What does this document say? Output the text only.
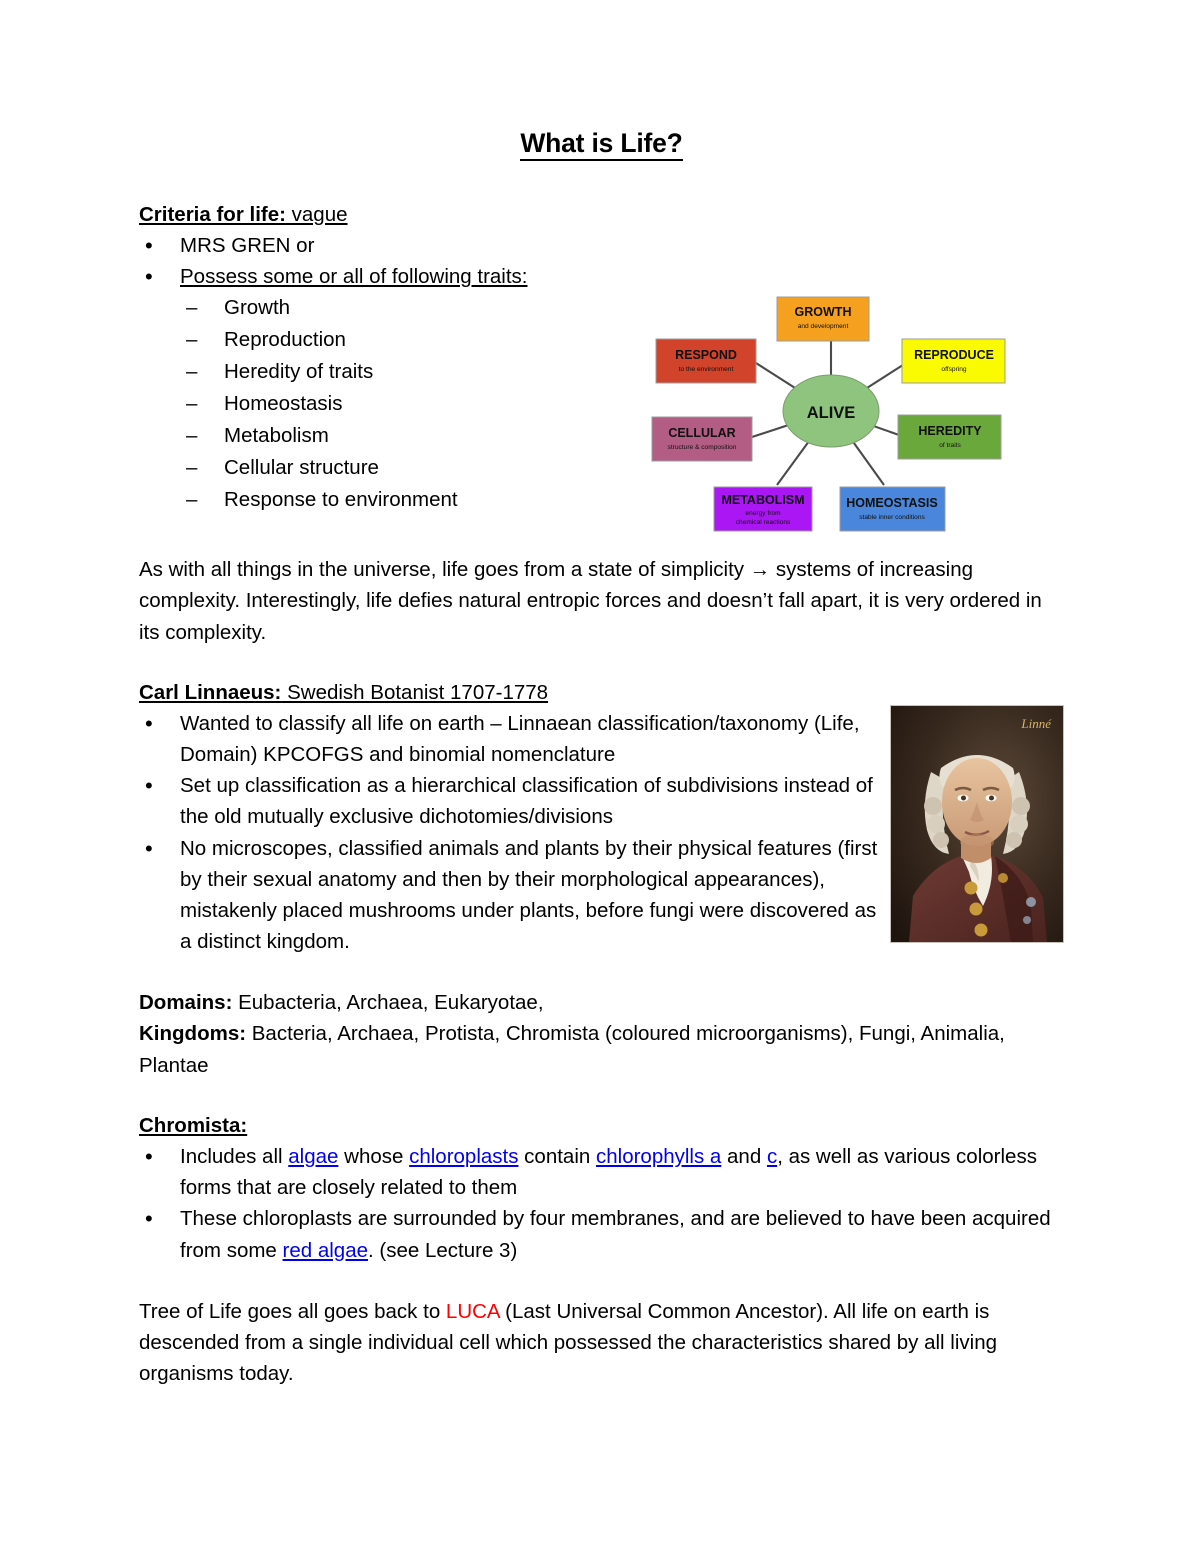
What is Life?
Criteria for life: vague
• MRS GREN or
• Possess some or all of following traits:
– Growth
– Reproduction
– Heredity of traits
– Homeostasis
– Metabolism
– Cellular structure
– Response to environment

As with all things in the universe, life goes from a state of simplicity → systems of increasing complexity. Interestingly, life defies natural entropic forces and doesn’t fall apart, it is very ordered in its complexity.

Carl Linnaeus: Swedish Botanist 1707-1778
• Wanted to classify all life on earth – Linnaean classification/taxonomy (Life, Domain) KPCOFGS and binomial nomenclature
• Set up classification as a hierarchical classification of subdivisions instead of the old mutually exclusive dichotomies/divisions
• No microscopes, classified animals and plants by their physical features (first by their sexual anatomy and then by their morphological appearances), mistakenly placed mushrooms under plants, before fungi were discovered as a distinct kingdom.

Domains: Eubacteria, Archaea, Eukaryotae,

Kingdoms: Bacteria, Archaea, Protista, Chromista (coloured microorganisms), Fungi, Animalia, Plantae

Chromista:
• Includes all algae whose chloroplasts contain chlorophylls a and c, as well as various colorless forms that are closely related to them
• These chloroplasts are surrounded by four membranes, and are believed to have been acquired from some red algae. (see Lecture 3)

Tree of Life goes all goes back to LUCA (Last Universal Common Ancestor). All life on earth is descended from a single individual cell which possessed the characteristics shared by all living organisms today.

GROWTH
and development
RESPOND
to the environment
REPRODUCE
offspring
HEREDITY
of traits
CELLULAR
structure & composition
METABOLISM
energy from
chemical reactions
HOMEOSTASIS
stable inner conditions
ALIVE
Linné
